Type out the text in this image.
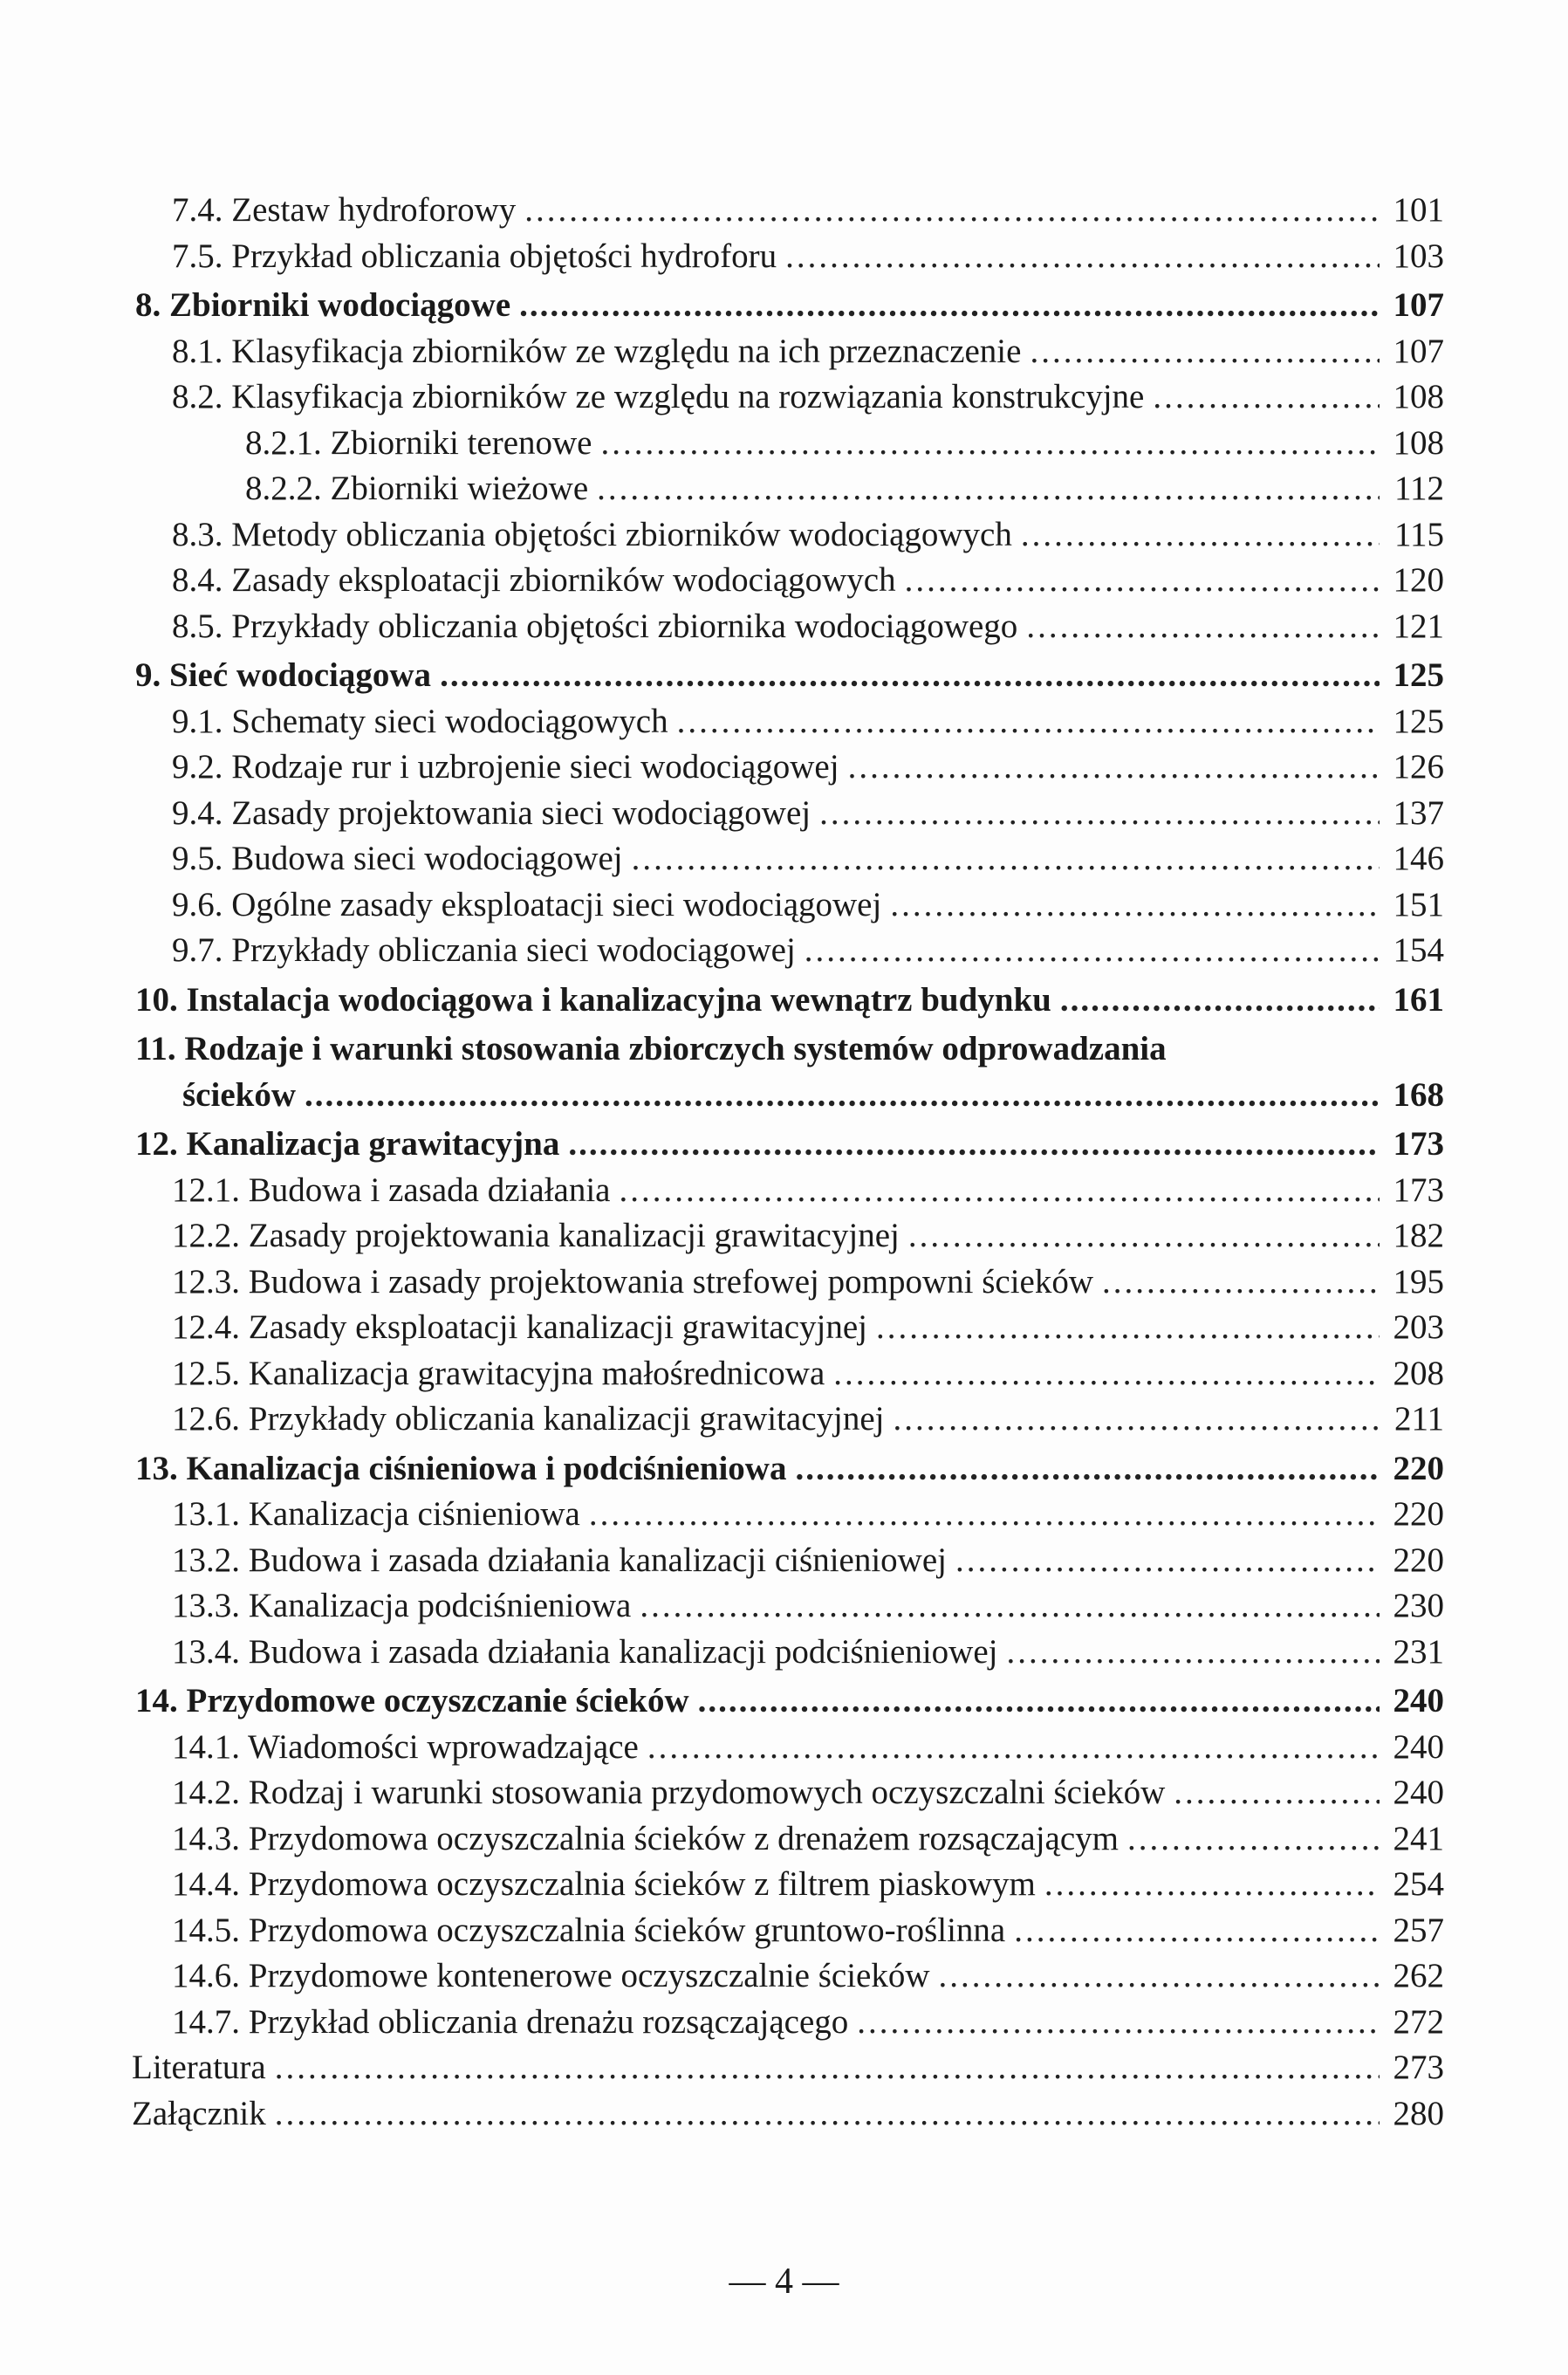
7.4. Zestaw hydroforowy .....	101
7.5. Przykład obliczania objętości hydroforu .....	103
8. Zbiorniki wodociągowe .....	107
8.1. Klasyfikacja zbiorników ze względu na ich przeznaczenie .....	107
8.2. Klasyfikacja zbiorników ze względu na rozwiązania konstrukcyjne .....	108
8.2.1. Zbiorniki terenowe .....	108
8.2.2. Zbiorniki wieżowe .....	112
8.3. Metody obliczania objętości zbiorników wodociągowych .....	115
8.4. Zasady eksploatacji zbiorników wodociągowych .....	120
8.5. Przykłady obliczania objętości zbiornika wodociągowego .....	121
9. Sieć wodociągowa .....	125
9.1. Schematy sieci wodociągowych .....	125
9.2. Rodzaje rur i uzbrojenie sieci wodociągowej .....	126
9.4. Zasady projektowania sieci wodociągowej .....	137
9.5. Budowa sieci wodociągowej .....	146
9.6. Ogólne zasady eksploatacji sieci wodociągowej .....	151
9.7. Przykłady obliczania sieci wodociągowej .....	154
10. Instalacja wodociągowa i kanalizacyjna wewnątrz budynku .....	161
11. Rodzaje i warunki stosowania zbiorczych systemów odprowadzania
ścieków .....	168
12. Kanalizacja grawitacyjna .....	173
12.1. Budowa i zasada działania .....	173
12.2. Zasady projektowania kanalizacji grawitacyjnej .....	182
12.3. Budowa i zasady projektowania strefowej pompowni ścieków .....	195
12.4. Zasady eksploatacji kanalizacji grawitacyjnej .....	203
12.5. Kanalizacja grawitacyjna małośrednicowa .....	208
12.6. Przykłady obliczania kanalizacji grawitacyjnej .....	211
13. Kanalizacja ciśnieniowa i podciśnieniowa .....	220
13.1. Kanalizacja ciśnieniowa .....	220
13.2. Budowa i zasada działania kanalizacji ciśnieniowej .....	220
13.3. Kanalizacja podciśnieniowa .....	230
13.4. Budowa i zasada działania kanalizacji podciśnieniowej .....	231
14. Przydomowe oczyszczanie ścieków .....	240
14.1. Wiadomości wprowadzające .....	240
14.2. Rodzaj i warunki stosowania przydomowych oczyszczalni ścieków .....	240
14.3. Przydomowa oczyszczalnia ścieków z drenażem rozsączającym .....	241
14.4. Przydomowa oczyszczalnia ścieków z filtrem piaskowym .....	254
14.5. Przydomowa oczyszczalnia ścieków gruntowo-roślinna .....	257
14.6. Przydomowe kontenerowe oczyszczalnie ścieków .....	262
14.7. Przykład obliczania drenażu rozsączającego .....	272
Literatura .....	273
Załącznik .....	280
— 4 —
